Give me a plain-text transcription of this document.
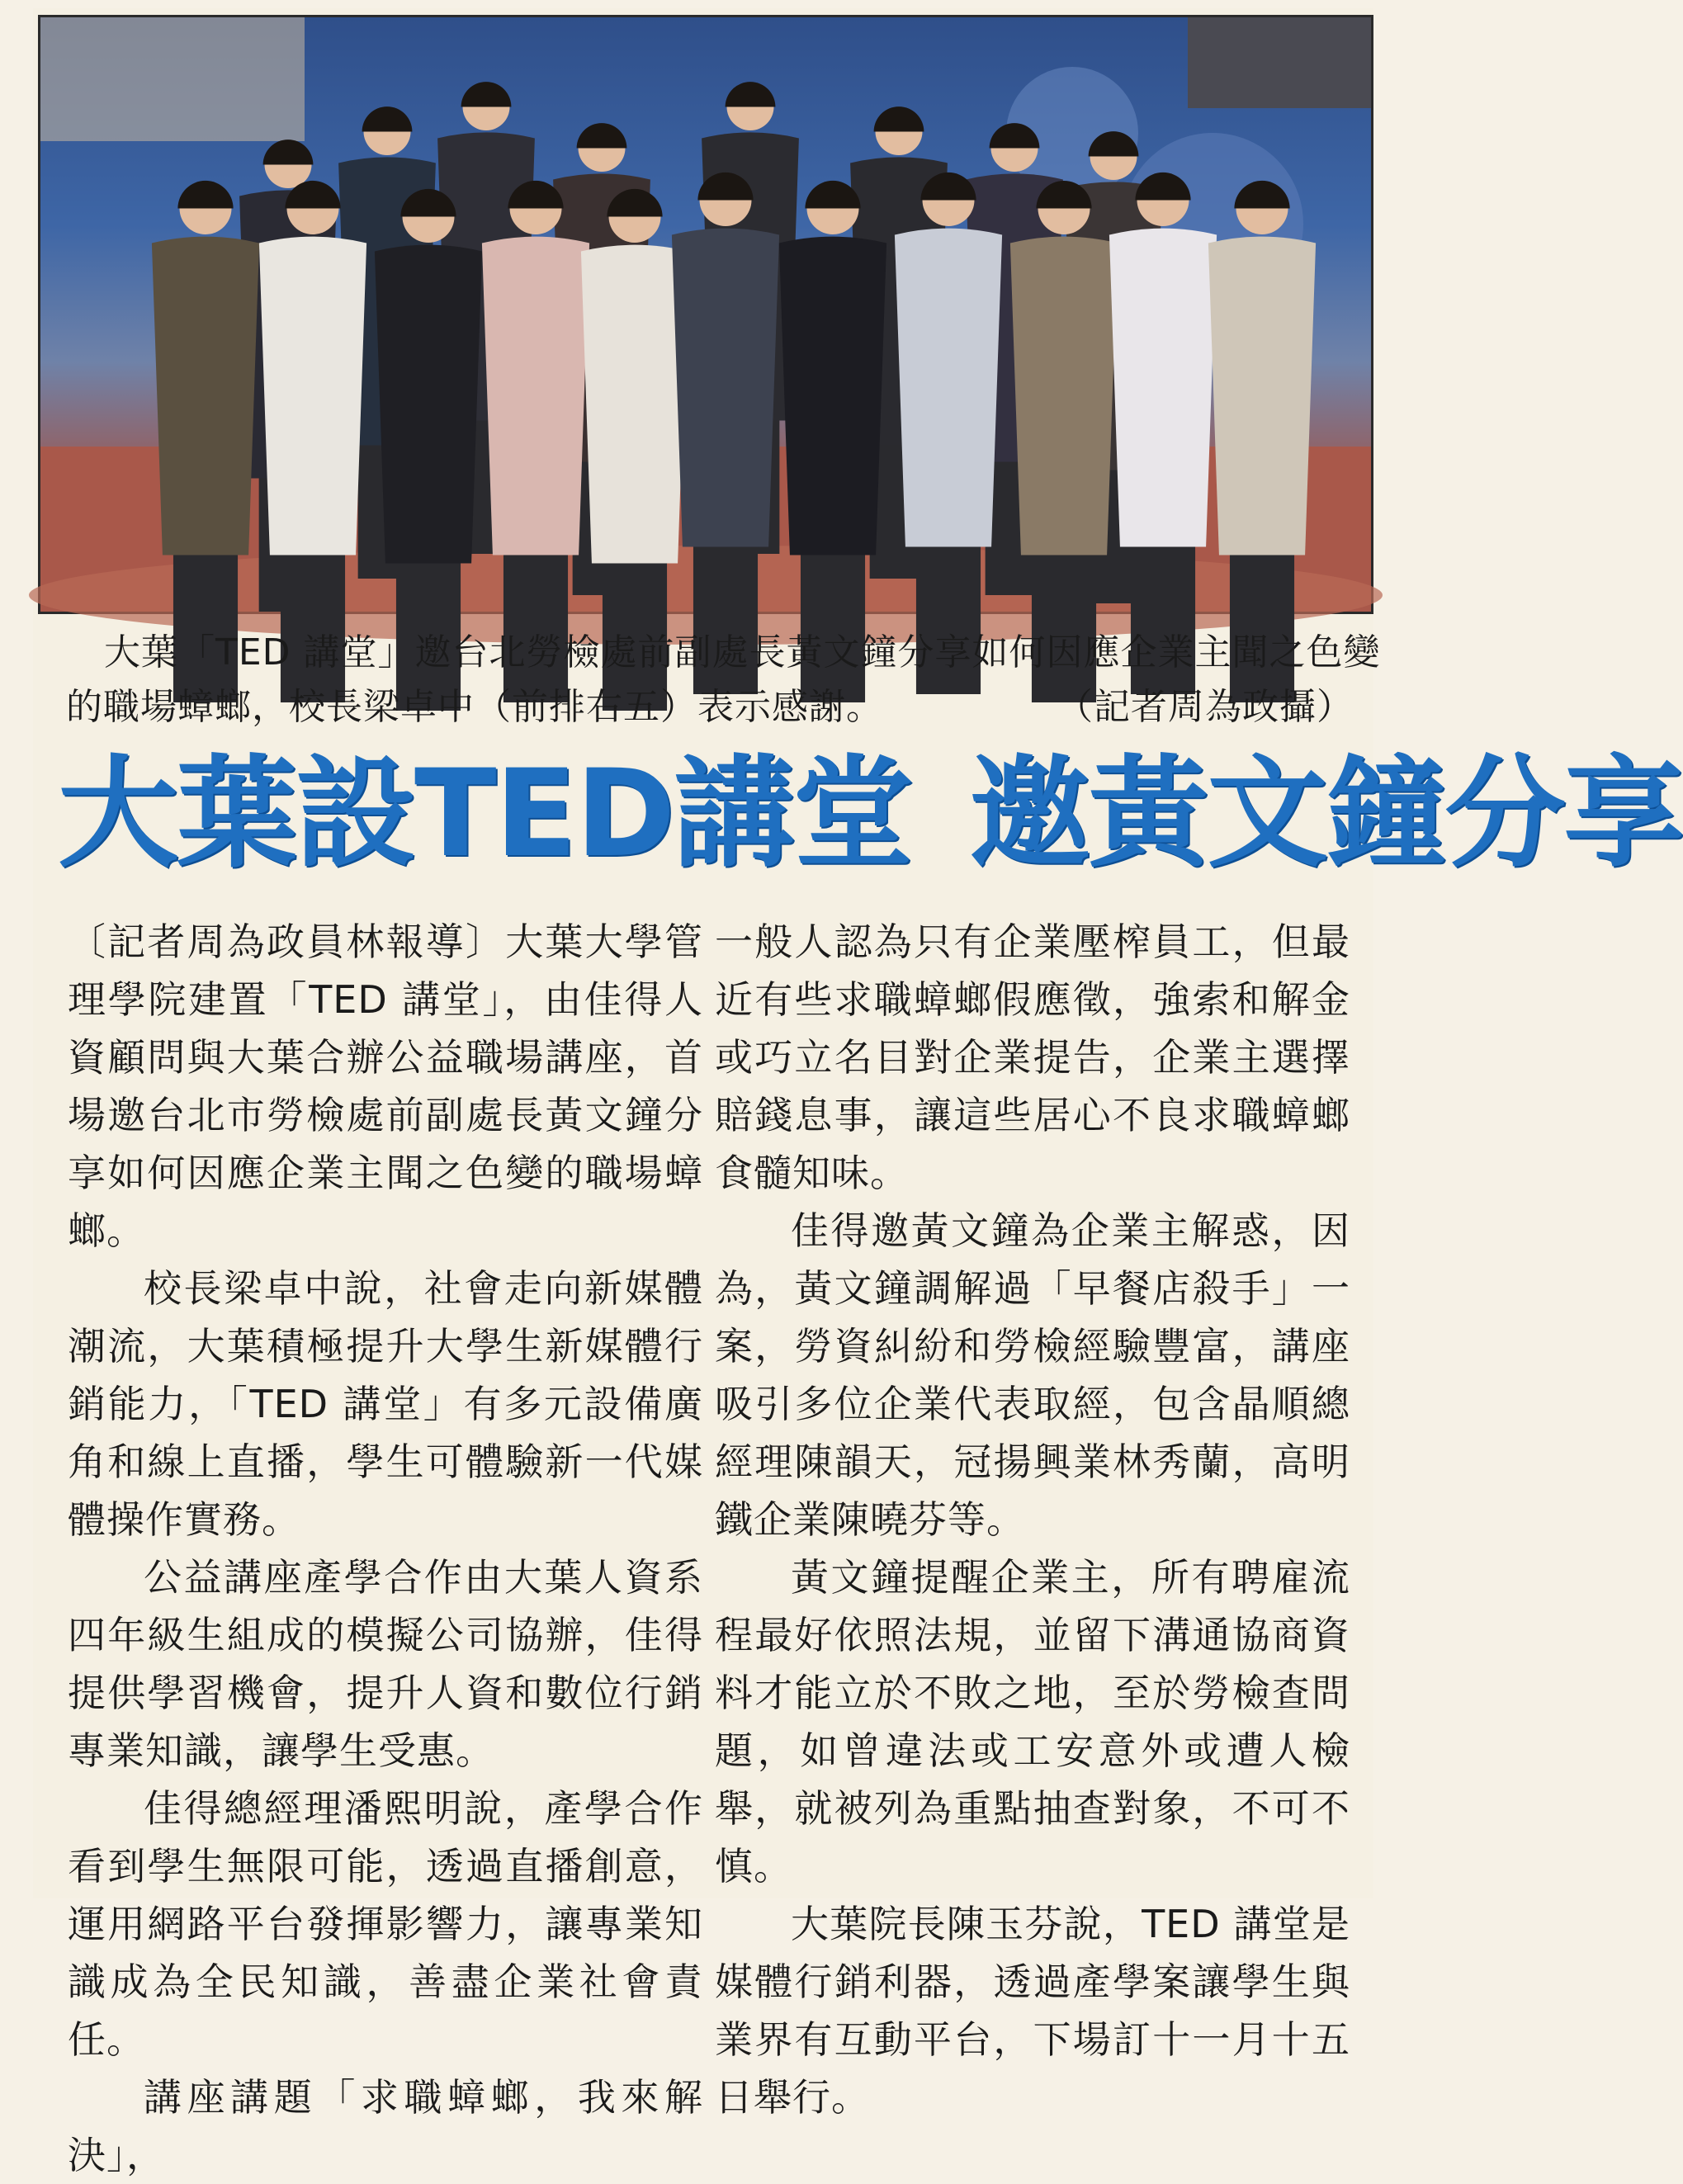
大葉「TED 講堂」邀台北勞檢處前副處長黃文鐘分享如何因應企業主聞之色變
的職場蟑螂，校長梁卓中（前排右五）表示感謝。	（記者周為政攝）
大葉設TED講堂 邀黃文鐘分享

〔記者周為政員林報導〕大葉大學管理學院建置「TED 講堂」，由佳得人資顧問與大葉合辦公益職場講座，首場邀台北市勞檢處前副處長黃文鐘分享如何因應企業主聞之色變的職場蟑螂。

校長梁卓中說，社會走向新媒體潮流，大葉積極提升大學生新媒體行銷能力，「TED 講堂」有多元設備廣角和線上直播，學生可體驗新一代媒體操作實務。

公益講座產學合作由大葉人資系四年級生組成的模擬公司協辦，佳得提供學習機會，提升人資和數位行銷專業知識，讓學生受惠。

佳得總經理潘熙明說，產學合作看到學生無限可能，透過直播創意，運用網路平台發揮影響力，讓專業知識成為全民知識，善盡企業社會責任。

講座講題「求職蟑螂，我來解決」，

一般人認為只有企業壓榨員工，但最近有些求職蟑螂假應徵，強索和解金或巧立名目對企業提告，企業主選擇賠錢息事，讓這些居心不良求職蟑螂食髓知味。

佳得邀黃文鐘為企業主解惑，因為，黃文鐘調解過「早餐店殺手」一案，勞資糾紛和勞檢經驗豐富，講座吸引多位企業代表取經，包含晶順總經理陳韻天，冠揚興業林秀蘭，高明鐵企業陳曉芬等。

黃文鐘提醒企業主，所有聘雇流程最好依照法規，並留下溝通協商資料才能立於不敗之地，至於勞檢查問題，如曾違法或工安意外或遭人檢舉，就被列為重點抽查對象，不可不慎。

大葉院長陳玉芬說，TED 講堂是媒體行銷利器，透過產學案讓學生與業界有互動平台，下場訂十一月十五日舉行。
